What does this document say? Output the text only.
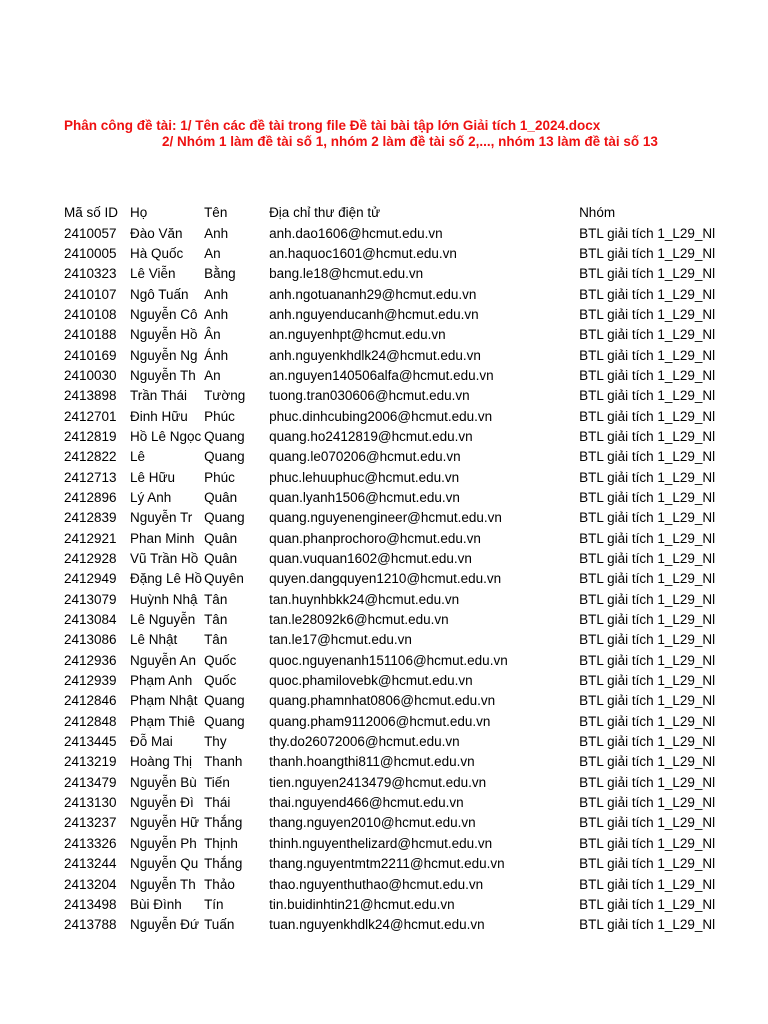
Phân công đề tài: 1/ Tên các đề tài trong file Đề tài bài tập lớn Giải tích 1_2024.docx
2/ Nhóm 1 làm đề tài số 1, nhóm 2 làm đề tài số 2,..., nhóm 13 làm đề tài số 13
Mã số ID	Họ	Tên	Địa chỉ thư điện tử	Nhóm
2410057	Đào Văn	Anh	anh.dao1606@hcmut.edu.vn	BTL giải tích 1_L29_Nl
2410005	Hà Quốc	An	an.haquoc1601@hcmut.edu.vn	BTL giải tích 1_L29_Nl
2410323	Lê Viễn	Bằng	bang.le18@hcmut.edu.vn	BTL giải tích 1_L29_Nl
2410107	Ngô Tuấn	Anh	anh.ngotuananh29@hcmut.edu.vn	BTL giải tích 1_L29_Nl
2410108	Nguyễn Cô	Anh	anh.nguyenducanh@hcmut.edu.vn	BTL giải tích 1_L29_Nl
2410188	Nguyễn Hồ	Ân	an.nguyenhpt@hcmut.edu.vn	BTL giải tích 1_L29_Nl
2410169	Nguyễn Ng	Ánh	anh.nguyenkhdlk24@hcmut.edu.vn	BTL giải tích 1_L29_Nl
2410030	Nguyễn Th	An	an.nguyen140506alfa@hcmut.edu.vn	BTL giải tích 1_L29_Nl
2413898	Trần Thái	Tường	tuong.tran030606@hcmut.edu.vn	BTL giải tích 1_L29_Nl
2412701	Đinh Hữu	Phúc	phuc.dinhcubing2006@hcmut.edu.vn	BTL giải tích 1_L29_Nl
2412819	Hồ Lê Ngọc	Quang	quang.ho2412819@hcmut.edu.vn	BTL giải tích 1_L29_Nl
2412822	Lê	Quang	quang.le070206@hcmut.edu.vn	BTL giải tích 1_L29_Nl
2412713	Lê Hữu	Phúc	phuc.lehuuphuc@hcmut.edu.vn	BTL giải tích 1_L29_Nl
2412896	Lý Anh	Quân	quan.lyanh1506@hcmut.edu.vn	BTL giải tích 1_L29_Nl
2412839	Nguyễn Tr	Quang	quang.nguyenengineer@hcmut.edu.vn	BTL giải tích 1_L29_Nl
2412921	Phan Minh	Quân	quan.phanprochoro@hcmut.edu.vn	BTL giải tích 1_L29_Nl
2412928	Vũ Trần Hồ	Quân	quan.vuquan1602@hcmut.edu.vn	BTL giải tích 1_L29_Nl
2412949	Đặng Lê Hồ	Quyên	quyen.dangquyen1210@hcmut.edu.vn	BTL giải tích 1_L29_Nl
2413079	Huỳnh Nhậ	Tân	tan.huynhbkk24@hcmut.edu.vn	BTL giải tích 1_L29_Nl
2413084	Lê Nguyễn	Tân	tan.le28092k6@hcmut.edu.vn	BTL giải tích 1_L29_Nl
2413086	Lê Nhật	Tân	tan.le17@hcmut.edu.vn	BTL giải tích 1_L29_Nl
2412936	Nguyễn An	Quốc	quoc.nguyenanh151106@hcmut.edu.vn	BTL giải tích 1_L29_Nl
2412939	Phạm Anh	Quốc	quoc.phamilovebk@hcmut.edu.vn	BTL giải tích 1_L29_Nl
2412846	Phạm Nhật	Quang	quang.phamnhat0806@hcmut.edu.vn	BTL giải tích 1_L29_Nl
2412848	Phạm Thiê	Quang	quang.pham9112006@hcmut.edu.vn	BTL giải tích 1_L29_Nl
2413445	Đỗ Mai	Thy	thy.do26072006@hcmut.edu.vn	BTL giải tích 1_L29_Nl
2413219	Hoàng Thị	Thanh	thanh.hoangthi811@hcmut.edu.vn	BTL giải tích 1_L29_Nl
2413479	Nguyễn Bù	Tiến	tien.nguyen2413479@hcmut.edu.vn	BTL giải tích 1_L29_Nl
2413130	Nguyễn Đì	Thái	thai.nguyend466@hcmut.edu.vn	BTL giải tích 1_L29_Nl
2413237	Nguyễn Hữ	Thắng	thang.nguyen2010@hcmut.edu.vn	BTL giải tích 1_L29_Nl
2413326	Nguyễn Ph	Thịnh	thinh.nguyenthelizard@hcmut.edu.vn	BTL giải tích 1_L29_Nl
2413244	Nguyễn Qu	Thắng	thang.nguyentmtm2211@hcmut.edu.vn	BTL giải tích 1_L29_Nl
2413204	Nguyễn Th	Thảo	thao.nguyenthuthao@hcmut.edu.vn	BTL giải tích 1_L29_Nl
2413498	Bùi Đình	Tín	tin.buidinhtin21@hcmut.edu.vn	BTL giải tích 1_L29_Nl
2413788	Nguyễn Đứ	Tuấn	tuan.nguyenkhdlk24@hcmut.edu.vn	BTL giải tích 1_L29_Nl
